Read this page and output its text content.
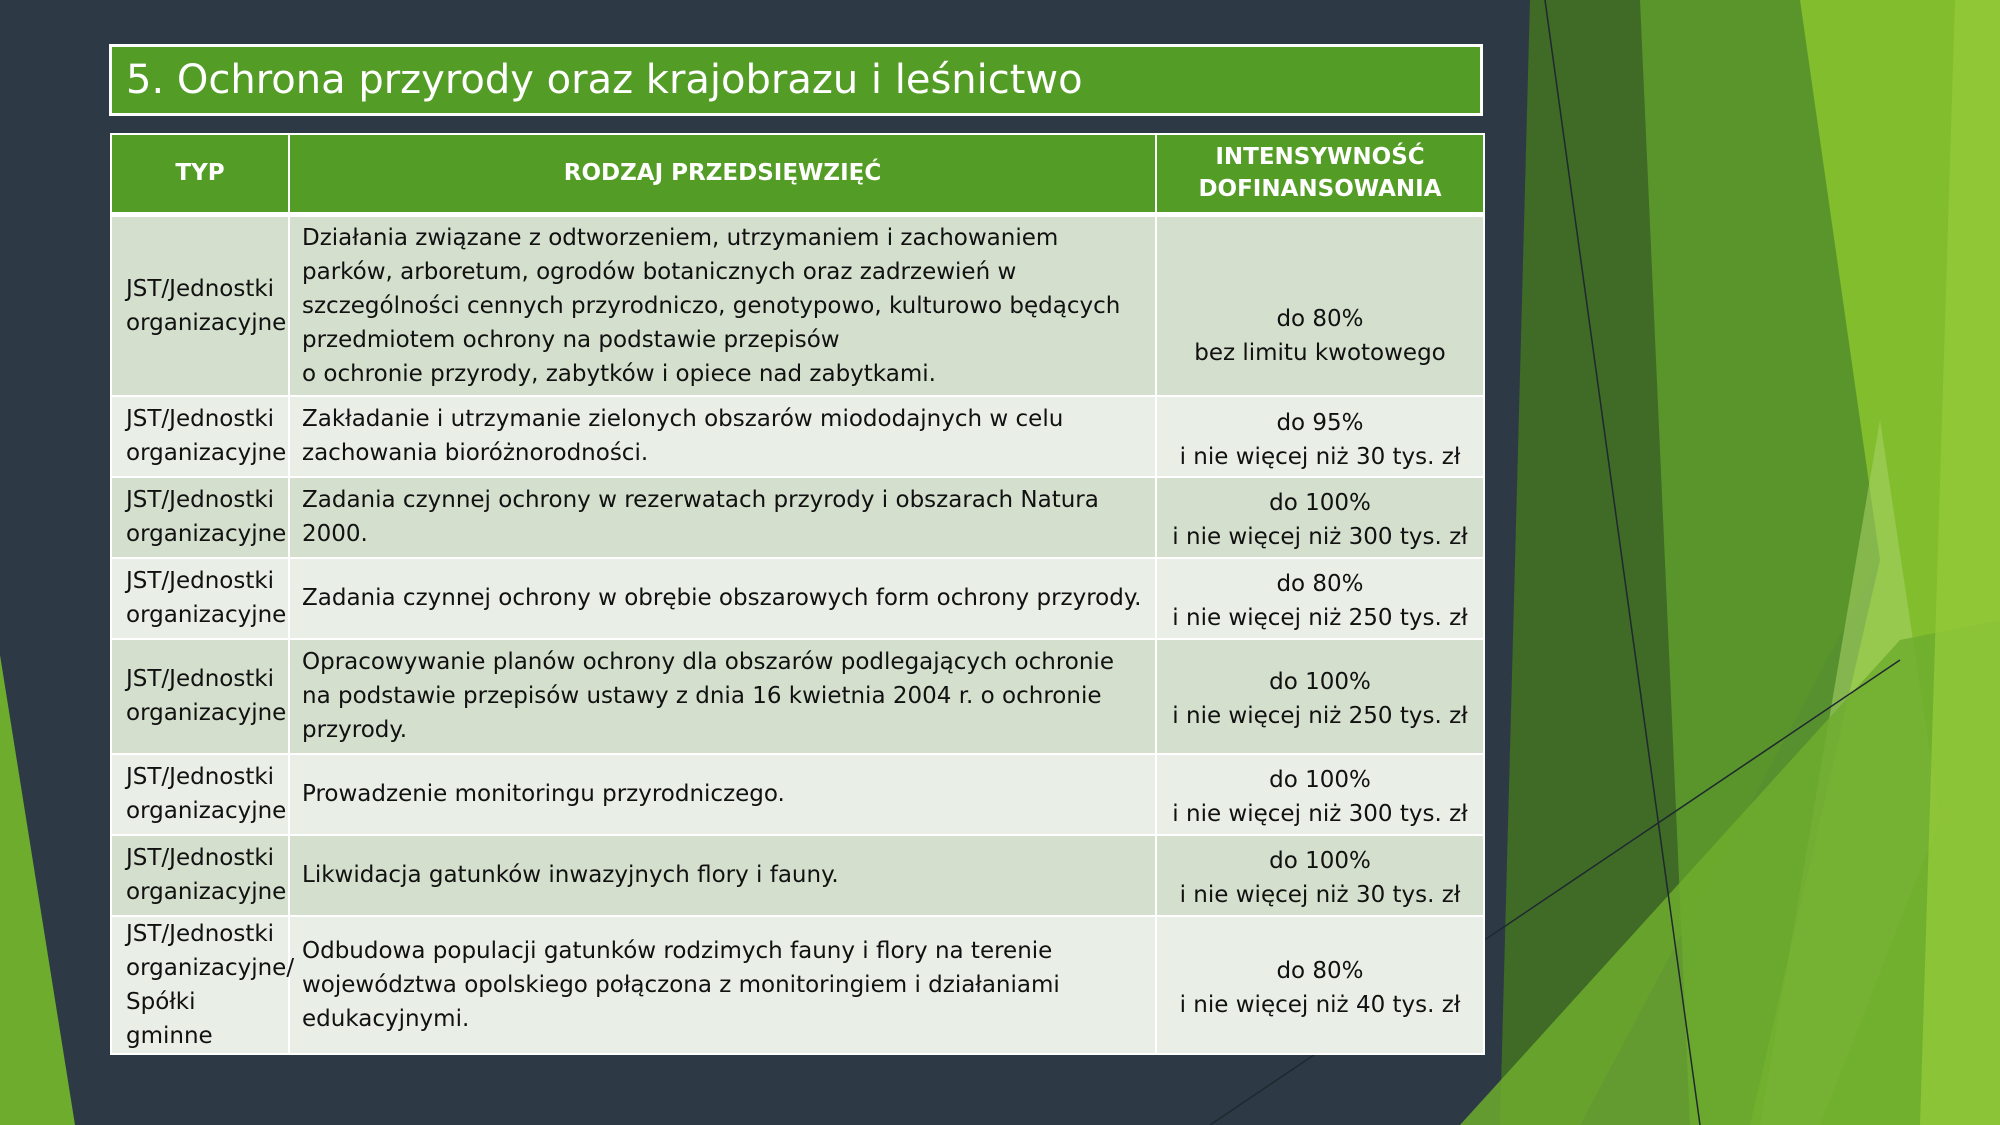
5. Ochrona przyrody oraz krajobrazu i leśnictwo
TYP	RODZAJ PRZEDSIĘWZIĘĆ	INTENSYWNOŚĆ
DOFINANSOWANIA

JST/Jednostki organizacyjne	Działania związane z odtworzeniem, utrzymaniem i zachowaniem parków, arboretum, ogrodów botanicznych oraz zadrzewień w szczególności cennych przyrodniczo, genotypowo, kulturowo będących przedmiotem ochrony na podstawie przepisów
o ochronie przyrody, zabytków i opiece nad zabytkami.	do 80%
bez limitu kwotowego

JST/Jednostki organizacyjne	Zakładanie i utrzymanie zielonych obszarów miododajnych w celu zachowania bioróżnorodności.	do 95%
i nie więcej niż 30 tys. zł

JST/Jednostki organizacyjne	Zadania czynnej ochrony w rezerwatach przyrody i obszarach Natura 2000.	do 100%
i nie więcej niż 300 tys. zł

JST/Jednostki organizacyjne	Zadania czynnej ochrony w obrębie obszarowych form ochrony przyrody.	do 80%
i nie więcej niż 250 tys. zł

JST/Jednostki organizacyjne	Opracowywanie planów ochrony dla obszarów podlegających ochronie na podstawie przepisów ustawy z dnia 16 kwietnia 2004 r. o ochronie przyrody.	do 100%
i nie więcej niż 250 tys. zł

JST/Jednostki organizacyjne	Prowadzenie monitoringu przyrodniczego.	do 100%
i nie więcej niż 300 tys. zł

JST/Jednostki organizacyjne	Likwidacja gatunków inwazyjnych flory i fauny.	do 100%
i nie więcej niż 30 tys. zł

JST/Jednostki organizacyjne/ Spółki gminne	Odbudowa populacji gatunków rodzimych fauny i flory na terenie województwa opolskiego połączona z monitoringiem i działaniami edukacyjnymi.	do 80%
i nie więcej niż 40 tys. zł
